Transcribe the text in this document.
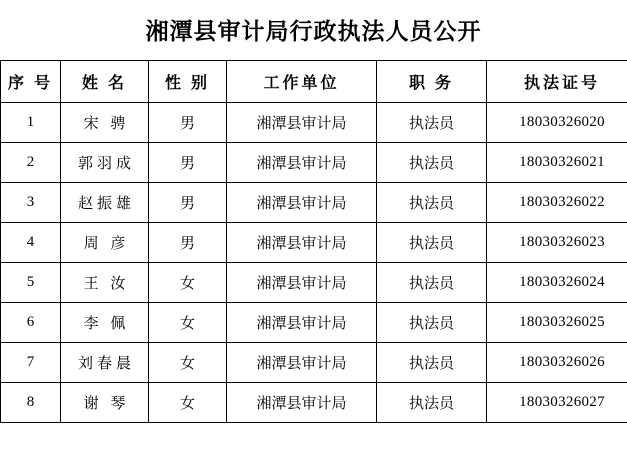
湘潭县审计局行政执法人员公开
序 号	姓 名	性 别	工作单位	职 务	执法证号
1	宋 骋	男	湘潭县审计局	执法员	18030326020
2	郭羽成	男	湘潭县审计局	执法员	18030326021
3	赵振雄	男	湘潭县审计局	执法员	18030326022
4	周 彦	男	湘潭县审计局	执法员	18030326023
5	王 汝	女	湘潭县审计局	执法员	18030326024
6	李 佩	女	湘潭县审计局	执法员	18030326025
7	刘春晨	女	湘潭县审计局	执法员	18030326026
8	谢 琴	女	湘潭县审计局	执法员	18030326027
